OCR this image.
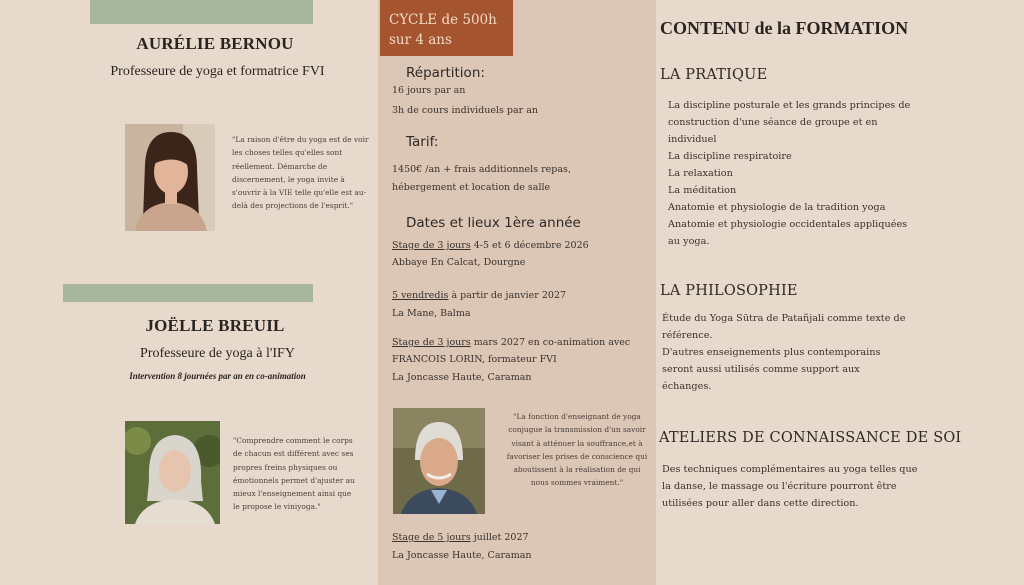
AURÉLIE BERNOU
Professeure de yoga et formatrice FVI
"La raison d'être du yoga est de voir les choses telles qu'elles sont réellement. Démarche de discernement, le yoga invite à s'ouvrir à la VIE telle qu'elle est au-delà des projections de l'esprit."
JOËLLE BREUIL
Professeure de yoga à l'IFY
Intervention 8 journées par an en co-animation
"Comprendre comment le corps de chacun est différent avec ses propres freins physiques ou émotionnels permet d'ajuster au mieux l'enseignement ainsi que le propose le viniyoga."
CYCLE de 500h
sur 4 ans
Répartition:
16 jours par an
3h de cours individuels par an
Tarif:
1450€ /an + frais additionnels repas,
hébergement et location de salle
Dates et lieux 1ère année
Stage de 3 jours 4-5 et 6 décembre 2026
Abbaye En Calcat, Dourgne
5 vendredis à partir de janvier 2027
La Mane, Balma
Stage de 3 jours mars 2027 en co-animation avec
FRANCOIS LORIN, formateur FVI
La Joncasse Haute, Caraman
"La fonction d'enseignant de yoga conjugue la transmission d'un savoir visant à atténuer la souffrance,et à favoriser les prises de conscience qui aboutissent à la réalisation de qui nous sommes vraiment."
Stage de 5 jours juillet 2027
La Joncasse Haute, Caraman
CONTENU de la FORMATION
LA PRATIQUE
La discipline posturale et les grands principes de construction d'une séance de groupe et en individuel
La discipline respiratoire
La relaxation
La méditation
Anatomie et physiologie de la tradition yoga
Anatomie et physiologie occidentales appliquées au yoga.
LA PHILOSOPHIE
Étude du Yoga Sūtra de Patañjali comme texte de référence.
D'autres enseignements plus contemporains seront aussi utilisés comme support aux échanges.
ATELIERS DE CONNAISSANCE DE SOI
Des techniques complémentaires au yoga telles que la danse, le massage ou l'écriture pourront être utilisées pour aller dans cette direction.
